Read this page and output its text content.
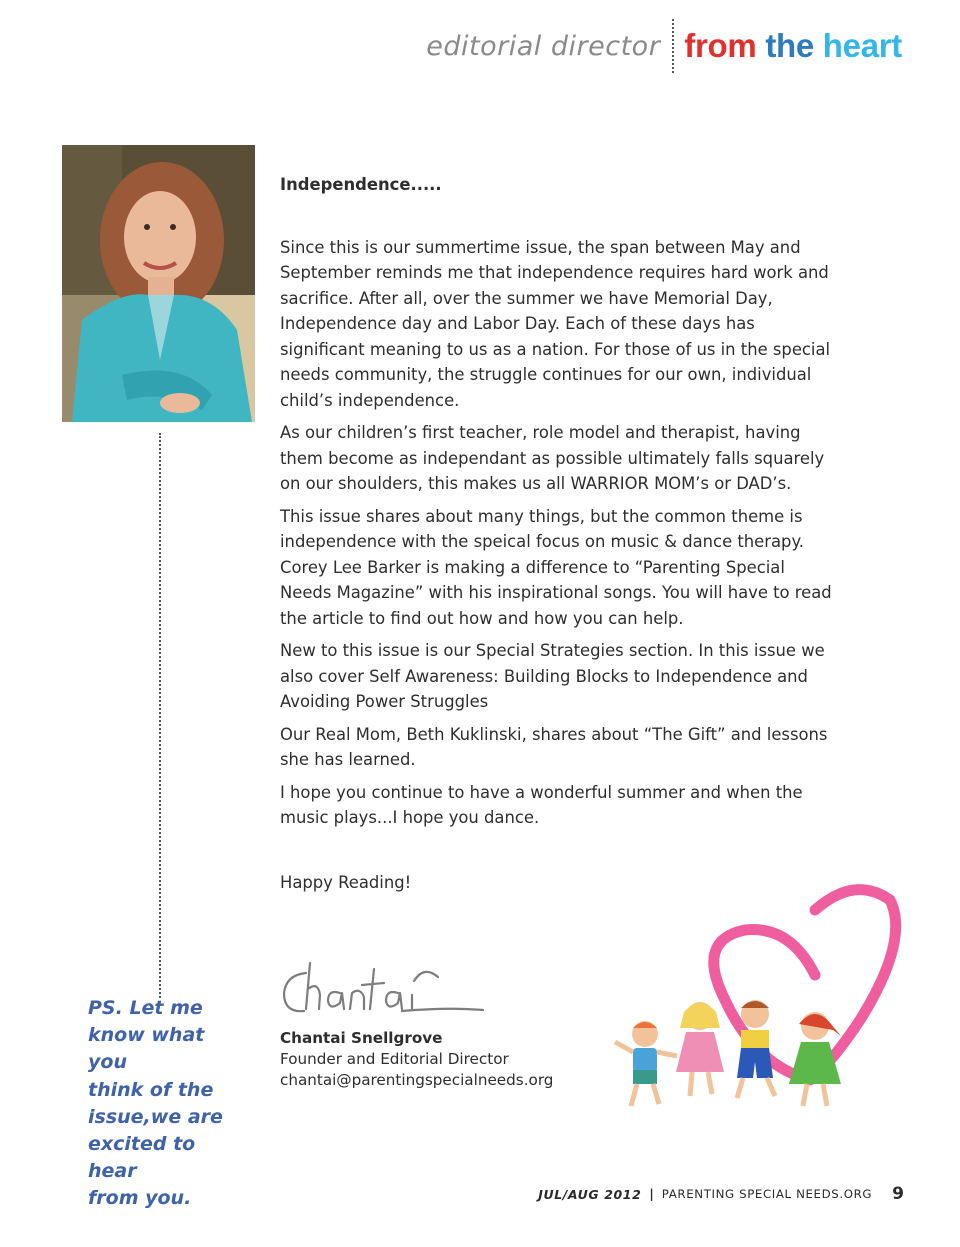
editorial director from the heart
PS. Let me
know what you
think of the
issue,we are
excited to hear
from you.
Independence.....

Since this is our summertime issue, the span between May and September reminds me that independence requires hard work and sacrifice. After all, over the summer we have Memorial Day, Independence day and Labor Day. Each of these days has significant meaning to us as a nation. For those of us in the special needs community, the struggle continues for our own, individual child’s independence.

As our children’s first teacher, role model and therapist, having them become as independant as possible ultimately falls squarely on our shoulders, this makes us all WARRIOR MOM’s or DAD’s.

This issue shares about many things, but the common theme is independence with the speical focus on music & dance therapy. Corey Lee Barker is making a difference to “Parenting Special Needs Magazine” with his inspirational songs. You will have to read the article to find out how and how you can help.

New to this issue is our Special Strategies section. In this issue we also cover Self Awareness: Building Blocks to Independence and Avoiding Power Struggles

Our Real Mom, Beth Kuklinski, shares about “The Gift” and lessons she has learned.

I hope you continue to have a wonderful summer and when the music plays...I hope you dance.

Happy Reading!

Chantai Snellgrove
Founder and Editorial Director
chantai@parentingspecialneeds.org
JUL/AUG 2012 | PARENTING SPECIAL NEEDS.ORG 9
